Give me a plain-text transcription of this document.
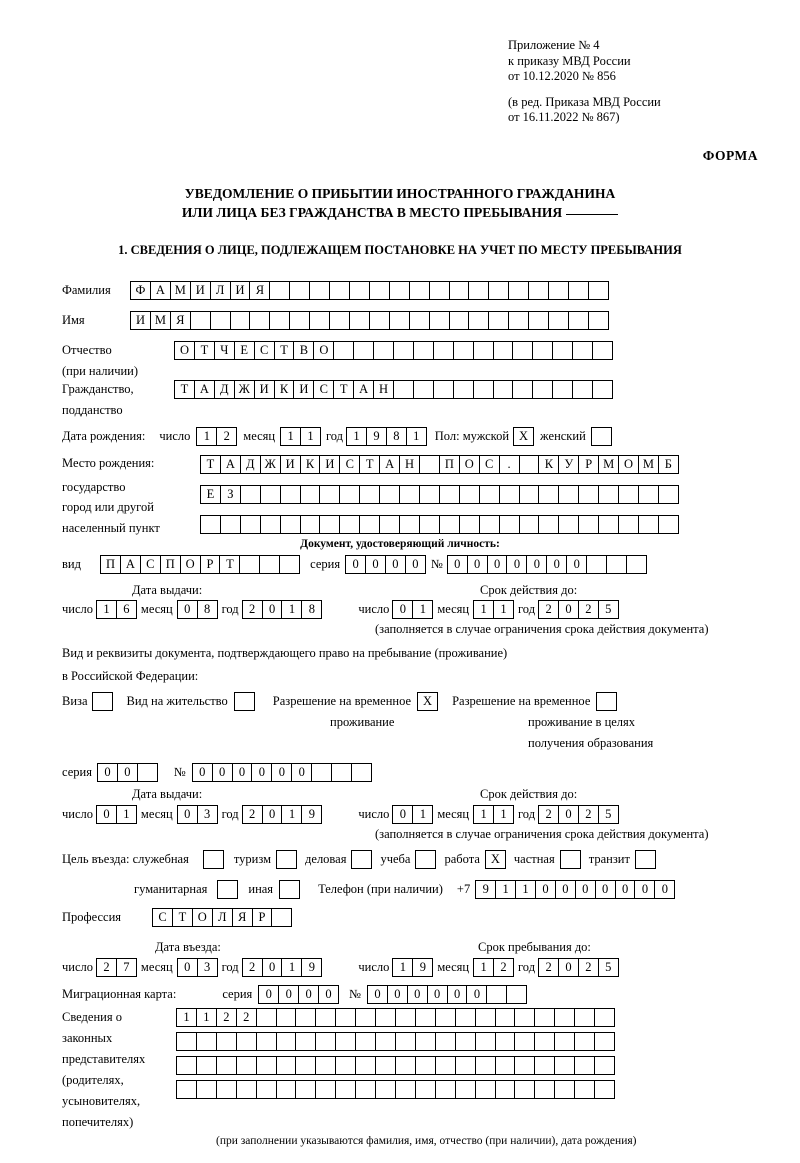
Приложение № 4
к приказу МВД России
от 10.12.2020 № 856
(в ред. Приказа МВД России
от 16.11.2022 № 867)
ФОРМА
УВЕДОМЛЕНИЕ О ПРИБЫТИИ ИНОСТРАННОГО ГРАЖДАНИНА
ИЛИ ЛИЦА БЕЗ ГРАЖДАНСТВА В МЕСТО ПРЕБЫВАНИЯ
1. СВЕДЕНИЯ О ЛИЦЕ, ПОДЛЕЖАЩЕМ ПОСТАНОВКЕ НА УЧЕТ ПО МЕСТУ ПРЕБЫВАНИЯ
Фамилия	Ф А М И Л И Я
Имя	И М Я
Отчество	О Т Ч Е С Т В О
(при наличии)
Гражданство,	Т А Д Ж И К И С Т А Н
подданство
Дата рождения: число	1	2	месяц 1	1 год 1	9	8	1	Пол: мужской X женский
Место рождения:	Т А Д Ж И К И С Т А Н	П О С	.	К У Р М О М Б
государство	Е	З
город или другой
населенный пункт
Документ, удостоверяющий личность:
вид	П А С П О Р	Т	серия 0	0	0	0 № 0	0	0	0	0	0	0
Дата выдачи:	Срок действия до:
число 1	6 месяц 0	8 год 2	0	1	8	число 0	1 месяц 1	1 год 2	0	2	5
(заполняется в случае ограничения срока действия документа)
Вид и реквизиты документа, подтверждающего право на пребывание (проживание)
в Российской Федерации:
Виза	Вид на жительство	Разрешение на временное X	Разрешение на временное
проживание	проживание в целях
получения образования
серия 0	0	№	0	0	0	0	0	0
Дата выдачи:	Срок действия до:
число 0	1 месяц 0	3 год 2	0	1	9	число 0	1 месяц 1	1 год 2	0	2	5
(заполняется в случае ограничения срока действия документа)
Цель въезда: служебная	туризм	деловая	учеба	работа X	частная	транзит
гуманитарная	иная	Телефон (при наличии) +7 9	1	1	0	0	0	0	0	0	0
Профессия	С Т О Л Я Р
Дата въезда:	Срок пребывания до:
число 2	7 месяц 0	3 год 2	0	1	9	число 1	9 месяц 1	2 год 2	0	2	5
Миграционная карта:	серия	0	0	0	0	№	0	0	0	0	0	0
Сведения о
законных
представителях
(родителях,
усыновителях,
попечителях)
1	1	2	2
(при заполнении указываются фамилия, имя, отчество (при наличии), дата рождения)
